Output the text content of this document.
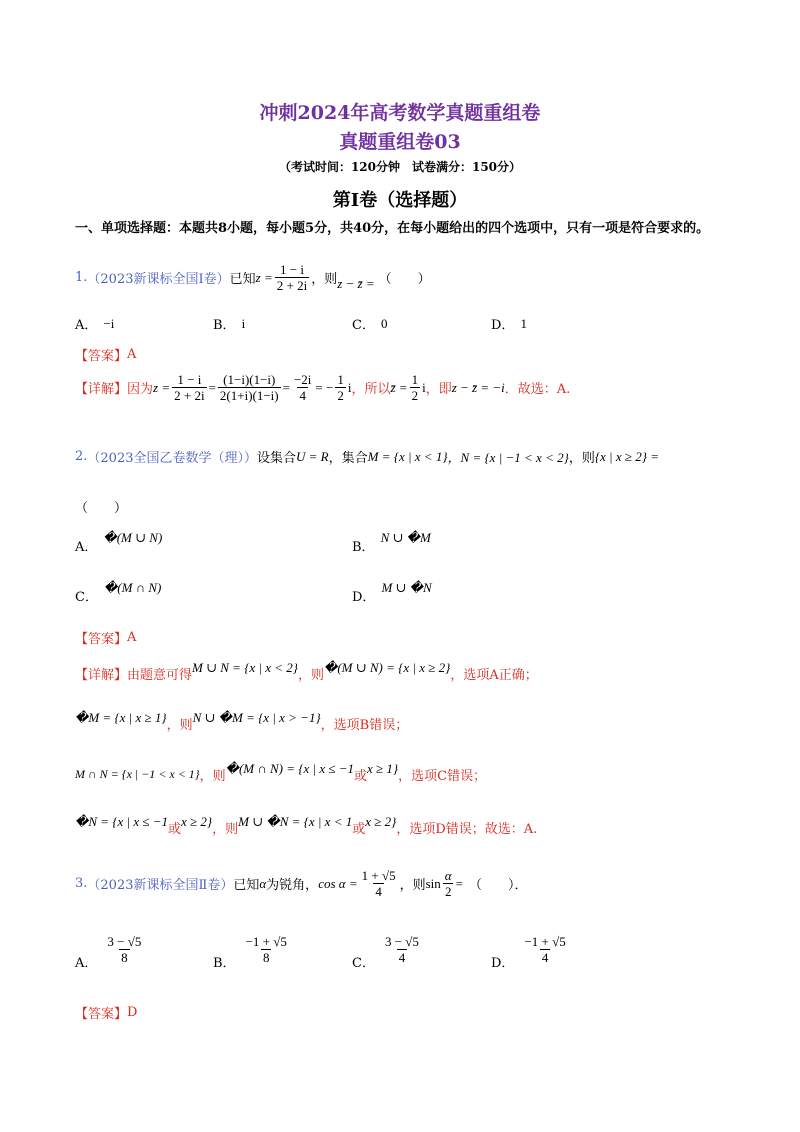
冲刺2024年高考数学真题重组卷
真题重组卷03
（考试时间：120分钟　试卷满分：150分）
第I卷（选择题）
一、单项选择题：本题共8小题，每小题5分，共40分，在每小题给出的四个选项中，只有一项是符合要求的。
1. （2023新课标全国Ⅰ卷） 已知 $z = \frac{1 - i}{2 + 2i}$ ，则 z − z̄ = （　　）
A． −i	B． i	C． 0	D． 1
【答案】 A
【详解】 因为 $z = \frac{1 - i}{2 + 2i} = \frac{(1-i)(1-i)}{2(1+i)(1-i)} = \frac{-2i}{4}$ = − $\frac{1}{2}$ i ，所以 z̄ = $\frac{1}{2}$ i ，即 z − z̄ = −i ．故选：A.
2. （2023全国乙卷数学（理）） 设集合 U = R ，集合 M = {x | x < 1} ，N = {x | −1 < x < 2} ，则 {x | x ≥ 2} =
（　　）
A．
�(M ∪ N)
B．
N ∪ �M
C．
�(M ∩ N)
D．
M ∪ �N
【答案】 A
【详解】 由题意可得
M ∪ N = {x | x < 2}
，则
�(M ∪ N) = {x | x ≥ 2}
，选项A正确；
�M = {x | x ≥ 1}
，则
N ∪ �M = {x | x > −1}
，选项B错误；
M ∩ N = {x | −1 < x < 1} ，则
�(M ∩ N) = {x | x ≤ −1
或
x ≥ 1}
，选项C错误；
�N = {x | x ≤ −1
或
x ≥ 2}
，则
M ∪ �N = {x | x < 1
或
x ≥ 2}
，选项D错误；故选：A.
3. （2023新课标全国Ⅱ卷） 已知 α 为锐角， $\cos \alpha = \frac{1 + √5}{4}$ ，则 $\sin \frac{\alpha}{2}$ = （　　）．
A． $\frac{3 - √5}{8}$	B． $\frac{-1 + √5}{8}$	C． $\frac{3 - √5}{4}$	D． $\frac{-1 + √5}{4}$
【答案】 D
